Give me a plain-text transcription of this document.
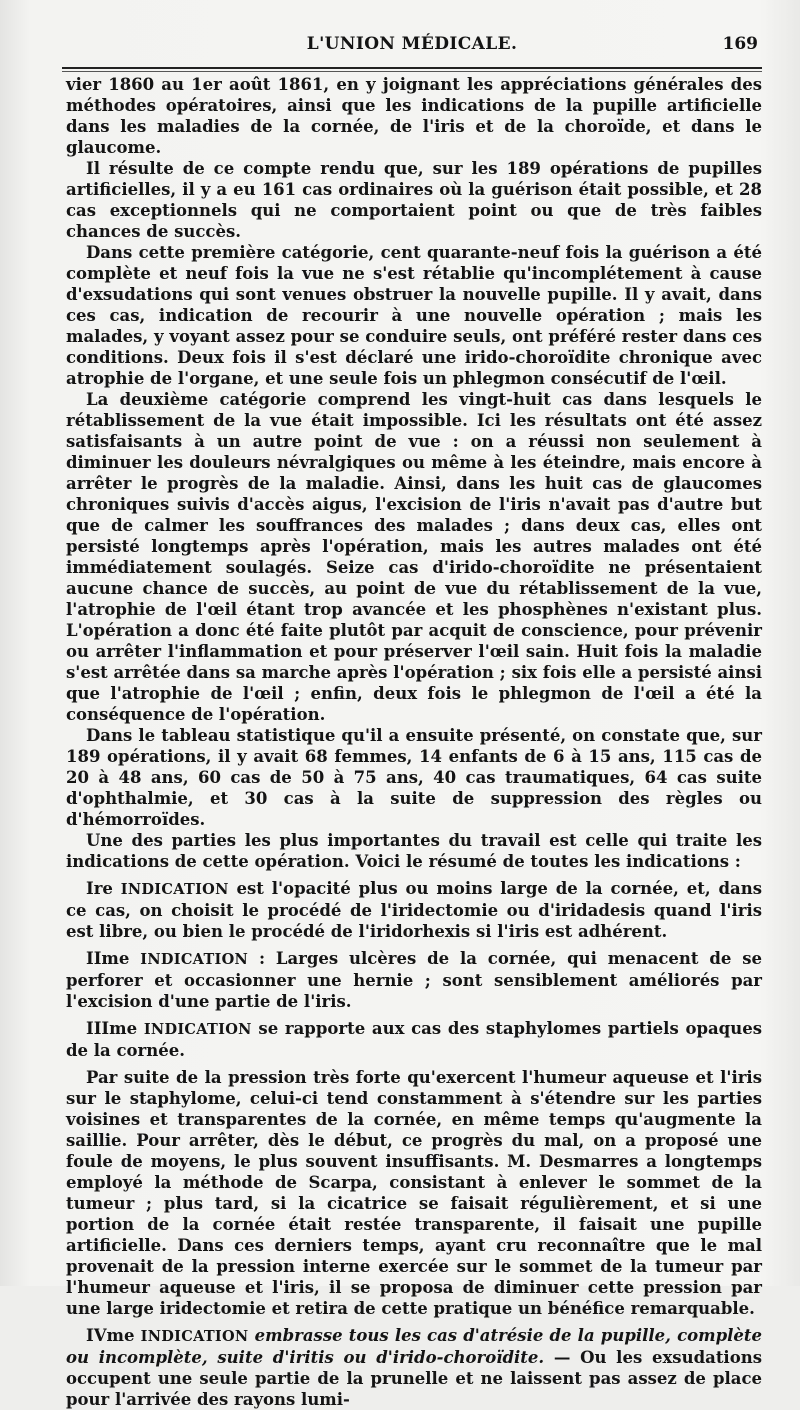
L'UNION MÉDICALE.	169

vier 1860 au 1er août 1861, en y joignant les appréciations générales des méthodes opératoires, ainsi que les indications de la pupille artificielle dans les maladies de la cornée, de l'iris et de la choroïde, et dans le glaucome.

Il résulte de ce compte rendu que, sur les 189 opérations de pupilles artificielles, il y a eu 161 cas ordinaires où la guérison était possible, et 28 cas exceptionnels qui ne comportaient point ou que de très faibles chances de succès.

Dans cette première catégorie, cent quarante-neuf fois la guérison a été complète et neuf fois la vue ne s'est rétablie qu'incomplétement à cause d'exsudations qui sont venues obstruer la nouvelle pupille. Il y avait, dans ces cas, indication de recourir à une nouvelle opération ; mais les malades, y voyant assez pour se conduire seuls, ont préféré rester dans ces conditions. Deux fois il s'est déclaré une irido-choroïdite chronique avec atrophie de l'organe, et une seule fois un phlegmon consécutif de l'œil.

La deuxième catégorie comprend les vingt-huit cas dans lesquels le rétablissement de la vue était impossible. Ici les résultats ont été assez satisfaisants à un autre point de vue : on a réussi non seulement à diminuer les douleurs névralgiques ou même à les éteindre, mais encore à arrêter le progrès de la maladie. Ainsi, dans les huit cas de glaucomes chroniques suivis d'accès aigus, l'excision de l'iris n'avait pas d'autre but que de calmer les souffrances des malades ; dans deux cas, elles ont persisté longtemps après l'opération, mais les autres malades ont été immédiatement soulagés. Seize cas d'irido-choroïdite ne présentaient aucune chance de succès, au point de vue du rétablissement de la vue, l'atrophie de l'œil étant trop avancée et les phosphènes n'existant plus. L'opération a donc été faite plutôt par acquit de conscience, pour prévenir ou arrêter l'inflammation et pour préserver l'œil sain. Huit fois la maladie s'est arrêtée dans sa marche après l'opération ; six fois elle a persisté ainsi que l'atrophie de l'œil ; enfin, deux fois le phlegmon de l'œil a été la conséquence de l'opération.

Dans le tableau statistique qu'il a ensuite présenté, on constate que, sur 189 opérations, il y avait 68 femmes, 14 enfants de 6 à 15 ans, 115 cas de 20 à 48 ans, 60 cas de 50 à 75 ans, 40 cas traumatiques, 64 cas suite d'ophthalmie, et 30 cas à la suite de suppression des règles ou d'hémorroïdes.

Une des parties les plus importantes du travail est celle qui traite les indications de cette opération. Voici le résumé de toutes les indications :

Ire INDICATION est l'opacité plus ou moins large de la cornée, et, dans ce cas, on choisit le procédé de l'iridectomie ou d'iridadesis quand l'iris est libre, ou bien le procédé de l'iridorhexis si l'iris est adhérent.

IIme INDICATION : Larges ulcères de la cornée, qui menacent de se perforer et occasionner une hernie ; sont sensiblement améliorés par l'excision d'une partie de l'iris.

IIIme INDICATION se rapporte aux cas des staphylomes partiels opaques de la cornée.

Par suite de la pression très forte qu'exercent l'humeur aqueuse et l'iris sur le staphylome, celui-ci tend constamment à s'étendre sur les parties voisines et transparentes de la cornée, en même temps qu'augmente la saillie. Pour arrêter, dès le début, ce progrès du mal, on a proposé une foule de moyens, le plus souvent insuffisants. M. Desmarres a longtemps employé la méthode de Scarpa, consistant à enlever le sommet de la tumeur ; plus tard, si la cicatrice se faisait régulièrement, et si une portion de la cornée était restée transparente, il faisait une pupille artificielle. Dans ces derniers temps, ayant cru reconnaître que le mal provenait de la pression interne exercée sur le sommet de la tumeur par l'humeur aqueuse et l'iris, il se proposa de diminuer cette pression par une large iridectomie et retira de cette pratique un bénéfice remarquable.

IVme INDICATION embrasse tous les cas d'atrésie de la pupille, complète ou incomplète, suite d'iritis ou d'irido-choroïdite. — Ou les exsudations occupent une seule partie de la prunelle et ne laissent pas assez de place pour l'arrivée des rayons lumi-
